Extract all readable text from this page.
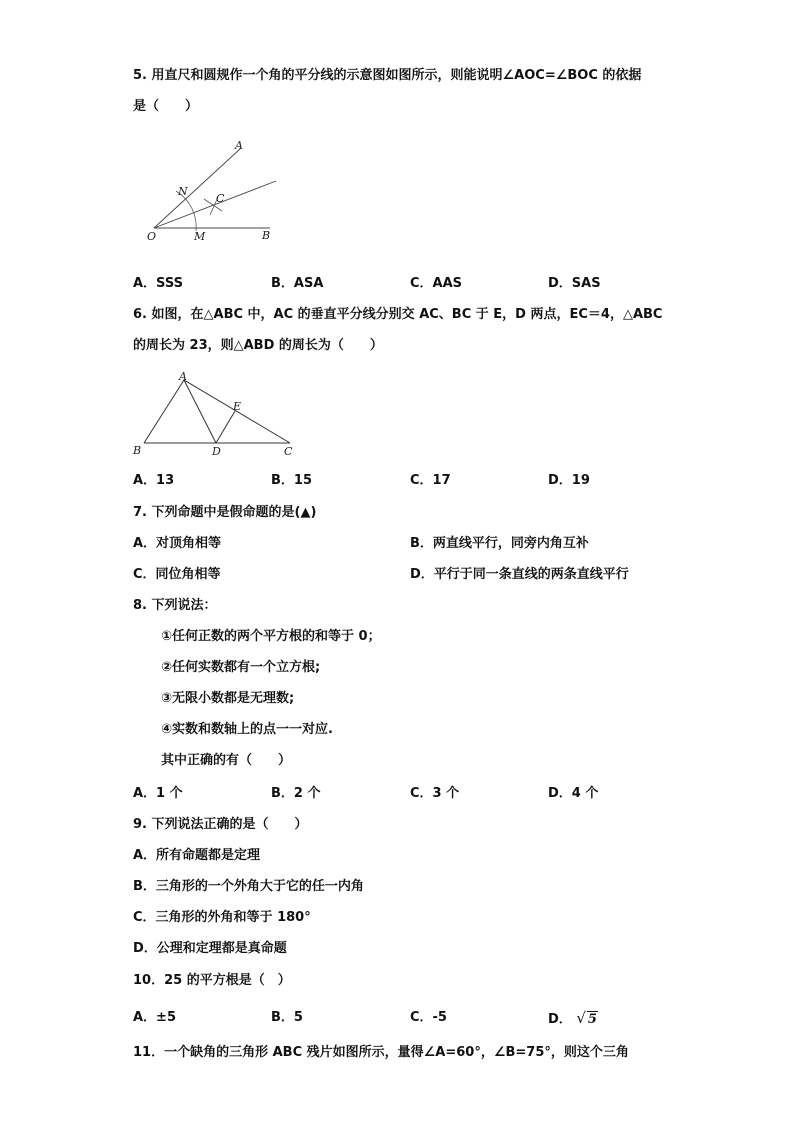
5. 用直尺和圆规作一个角的平分线的示意图如图所示，则能说明∠AOC=∠BOC 的依据
是（　　）
A
N
C
O	M	B
A．SSS	B．ASA	C．AAS	D．SAS
6. 如图，在△ABC 中，AC 的垂直平分线分别交 AC、BC 于 E，D 两点，EC＝4，△ABC
的周长为 23，则△ABD 的周长为（　　）
A
E
B	D	C
A．13	B．15	C．17	D．19
7. 下列命题中是假命题的是(▲)
A．对顶角相等	B．两直线平行，同旁内角互补
C．同位角相等	D．平行于同一条直线的两条直线平行
8. 下列说法：
①任何正数的两个平方根的和等于 0；
②任何实数都有一个立方根;
③无限小数都是无理数;
④实数和数轴上的点一一对应.
其中正确的有（　　）
A．1 个	B．2 个	C．3 个	D．4 个
9. 下列说法正确的是（　　）
A．所有命题都是定理
B．三角形的一个外角大于它的任一内角
C．三角形的外角和等于 180°
D．公理和定理都是真命题
10．25 的平方根是（　）
A．±5	B．5	C．-5	D． √ 5
11．一个缺角的三角形 ABC 残片如图所示，量得∠A=60°，∠B=75°，则这个三角
